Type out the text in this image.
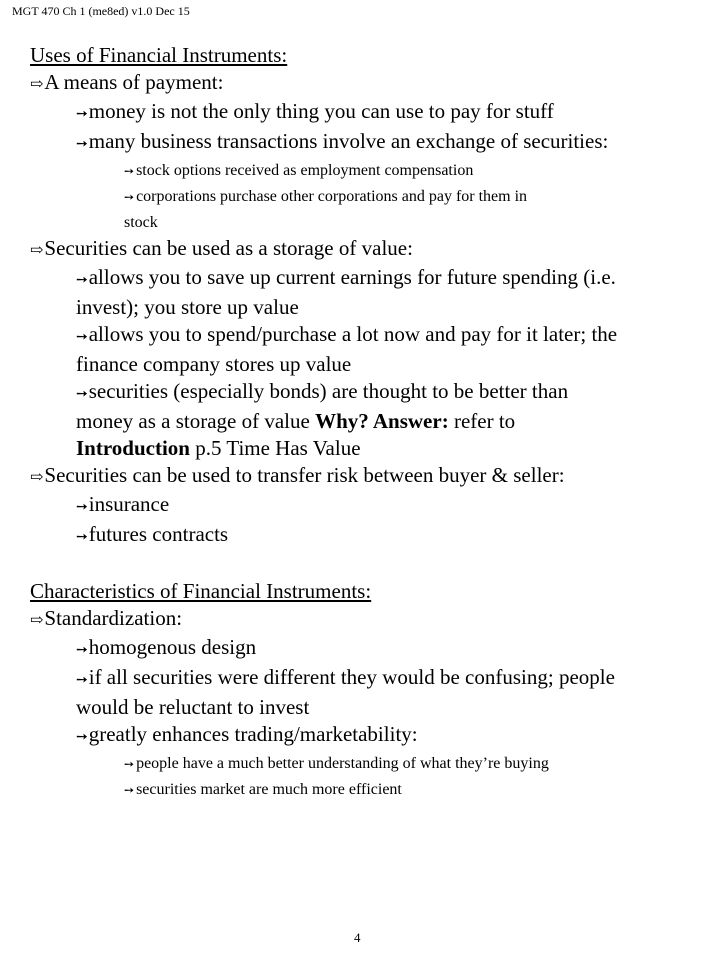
MGT 470 Ch 1 (me8ed) v1.0 Dec 15
Uses of Financial Instruments:
⇨A means of payment:
➙money is not the only thing you can use to pay for stuff
➙many business transactions involve an exchange of securities:
➙ stock options received as employment compensation
➙ corporations purchase other corporations and pay for them in
stock
⇨Securities can be used as a storage of value:
➙allows you to save up current earnings for future spending (i.e.
invest); you store up value
➙allows you to spend/purchase a lot now and pay for it later; the
finance company stores up value
➙securities (especially bonds) are thought to be better than
money as a storage of value Why? Answer: refer to
Introduction p.5 Time Has Value
⇨Securities can be used to transfer risk between buyer & seller:
➙insurance
➙futures contracts
Characteristics of Financial Instruments:
⇨Standardization:
➙homogenous design
➙if all securities were different they would be confusing; people
would be reluctant to invest
➙greatly enhances trading/marketability:
➙ people have a much better understanding of what they’re buying
➙ securities market are much more efficient
4
